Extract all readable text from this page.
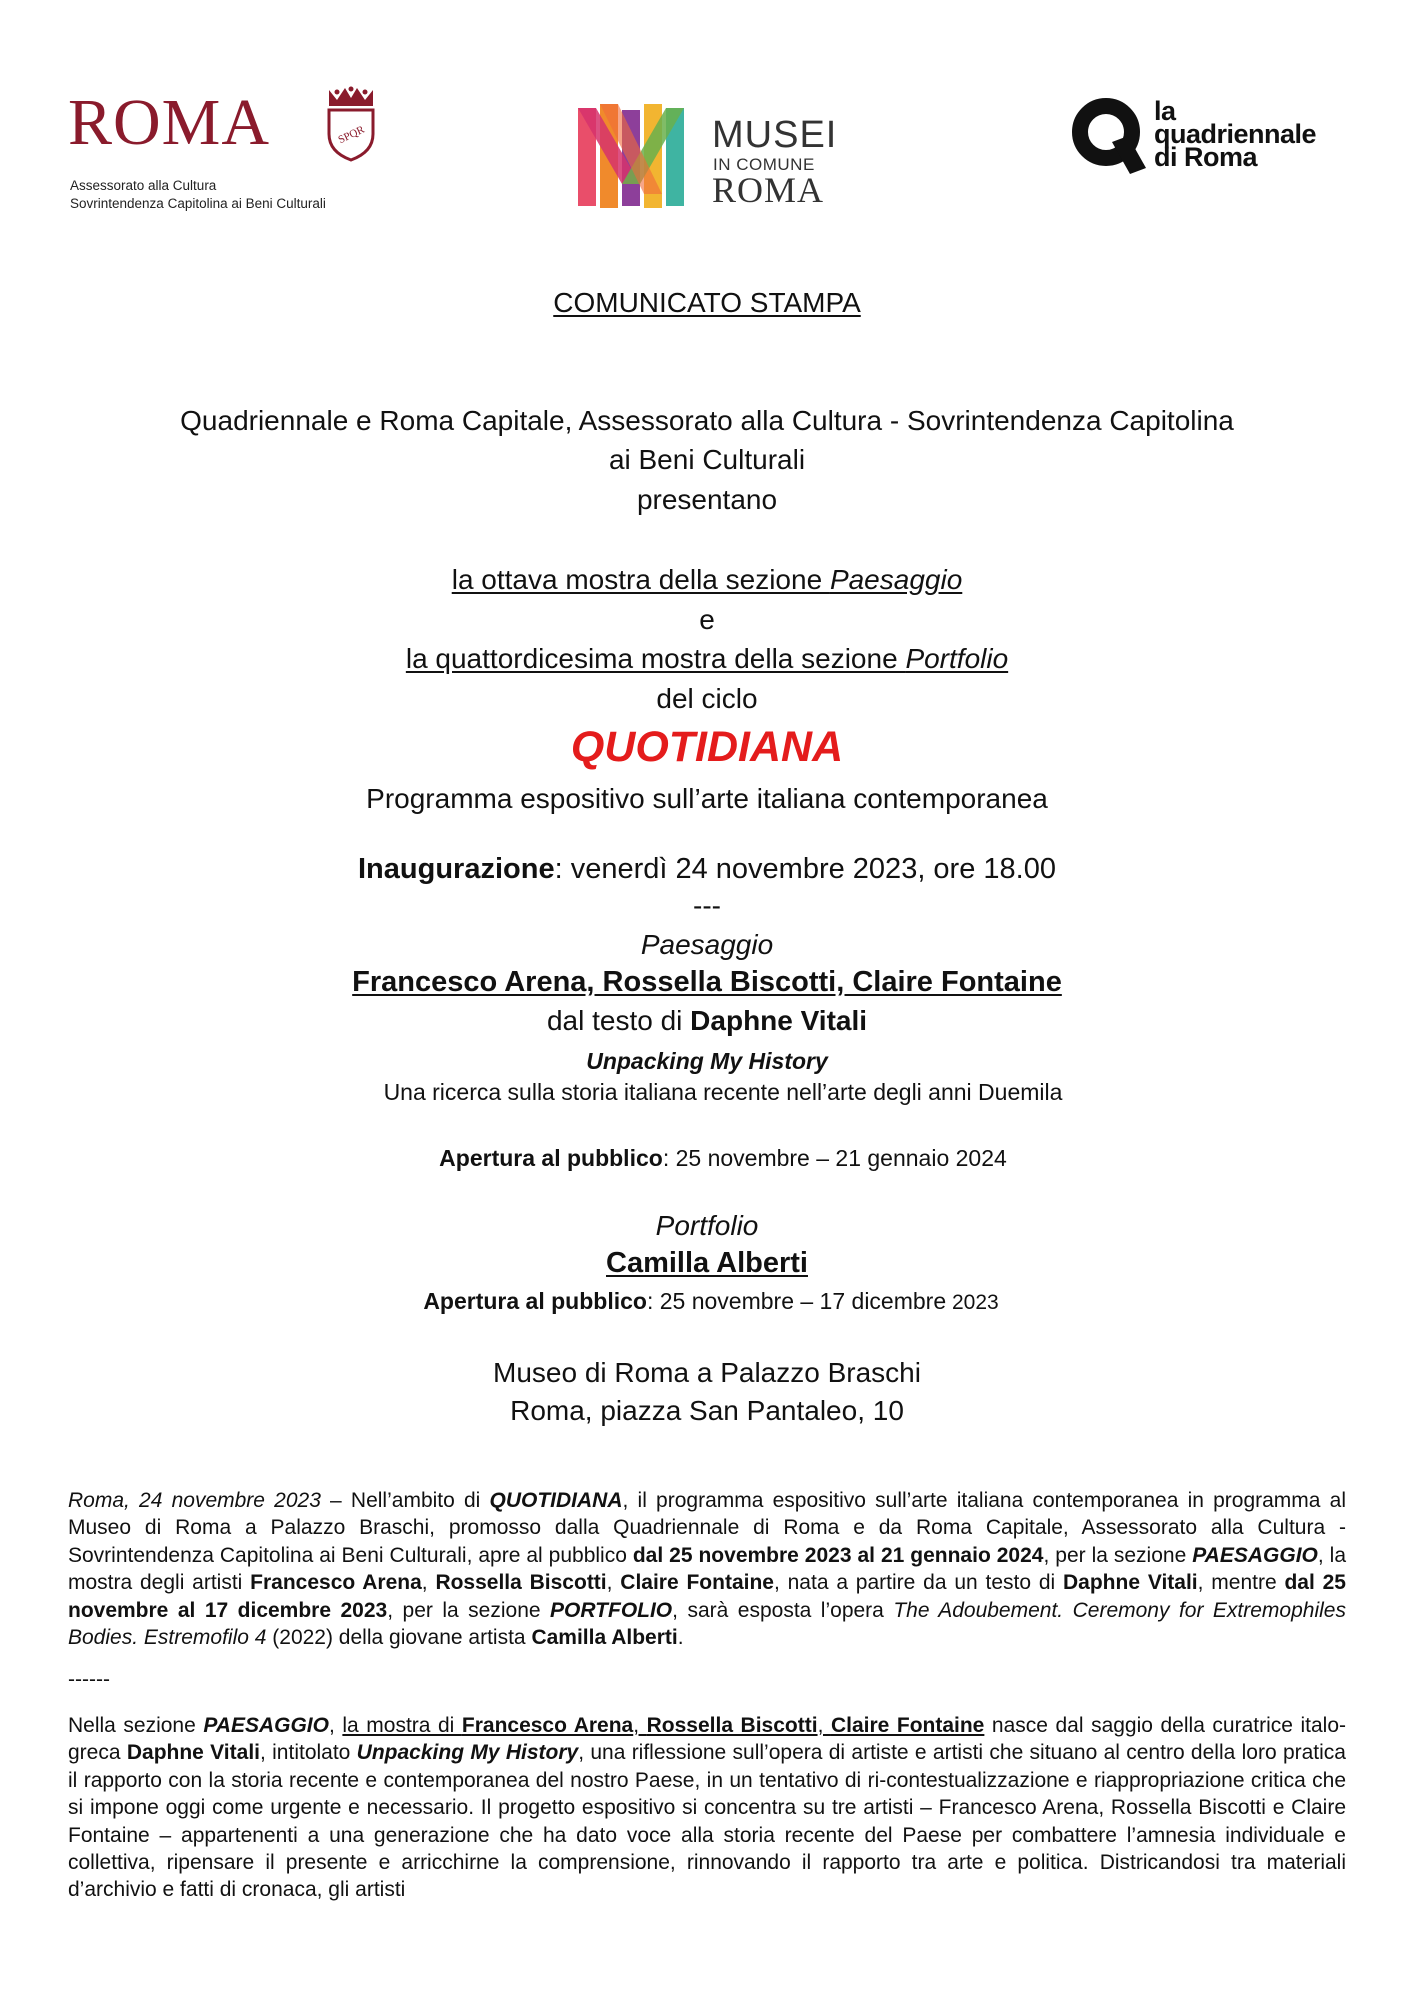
ROMA	SPQR
Assessorato alla Cultura
Sovrintendenza Capitolina ai Beni Culturali
MUSEI
IN COMUNE
ROMA
la
quadriennale
di Roma
COMUNICATO STAMPA
Quadriennale e Roma Capitale, Assessorato alla Cultura - Sovrintendenza Capitolina
ai Beni Culturali
presentano
la ottava mostra della sezione Paesaggio
e
la quattordicesima mostra della sezione Portfolio
del ciclo
QUOTIDIANA
Programma espositivo sull’arte italiana contemporanea
Inaugurazione: venerdì 24 novembre 2023, ore 18.00
---
Paesaggio
Francesco Arena, Rossella Biscotti, Claire Fontaine
dal testo di Daphne Vitali
Unpacking My History
Una ricerca sulla storia italiana recente nell’arte degli anni Duemila
Apertura al pubblico: 25 novembre – 21 gennaio 2024
Portfolio
Camilla Alberti
Apertura al pubblico: 25 novembre – 17 dicembre 2023
Museo di Roma a Palazzo Braschi
Roma, piazza San Pantaleo, 10
Roma, 24 novembre 2023 – Nell’ambito di QUOTIDIANA, il programma espositivo sull’arte italiana contemporanea in programma al Museo di Roma a Palazzo Braschi, promosso dalla Quadriennale di Roma e da Roma Capitale, Assessorato alla Cultura - Sovrintendenza Capitolina ai Beni Culturali, apre al pubblico dal 25 novembre 2023 al 21 gennaio 2024, per la sezione PAESAGGIO, la mostra degli artisti Francesco Arena, Rossella Biscotti, Claire Fontaine, nata a partire da un testo di Daphne Vitali, mentre dal 25 novembre al 17 dicembre 2023, per la sezione PORTFOLIO, sarà esposta l’opera The Adoubement. Ceremony for Extremophiles Bodies. Estremofilo 4 (2022) della giovane artista Camilla Alberti.
------
Nella sezione PAESAGGIO, la mostra di Francesco Arena, Rossella Biscotti, Claire Fontaine nasce dal saggio della curatrice italo-greca Daphne Vitali, intitolato Unpacking My History, una riflessione sull’opera di artiste e artisti che situano al centro della loro pratica il rapporto con la storia recente e contemporanea del nostro Paese, in un tentativo di ri-contestualizzazione e riappropriazione critica che si impone oggi come urgente e necessario. Il progetto espositivo si concentra su tre artisti – Francesco Arena, Rossella Biscotti e Claire Fontaine – appartenenti a una generazione che ha dato voce alla storia recente del Paese per combattere l’amnesia individuale e collettiva, ripensare il presente e arricchirne la comprensione, rinnovando il rapporto tra arte e politica. Districandosi tra materiali d’archivio e fatti di cronaca, gli artisti
